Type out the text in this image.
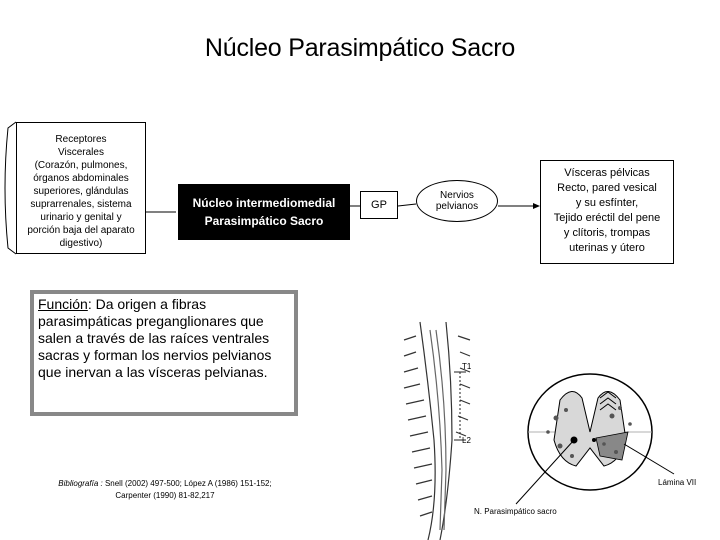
Núcleo Parasimpático Sacro
Receptores
Viscerales
(Corazón, pulmones,
órganos abdominales
superiores, glándulas
suprarrenales, sistema
urinario y genital y
porción baja del aparato
digestivo)
Núcleo intermediomedial
Parasimpático Sacro
GP
Nervios
pelvianos
Vísceras pélvicas
Recto, pared vesical
y su esfínter,
Tejido eréctil del pene
y clítoris, trompas
uterinas y útero
Función: Da origen a fibras parasimpáticas preganglionares que salen a través de las raíces ventrales sacras y forman los nervios pelvianos que inervan a las vísceras pelvianas.
Bibliografía : Snell (2002) 497-500; López A (1986) 151-152;
Carpenter (1990) 81-82,217
T1
L2
Lámina VII
N. Parasimpático sacro
